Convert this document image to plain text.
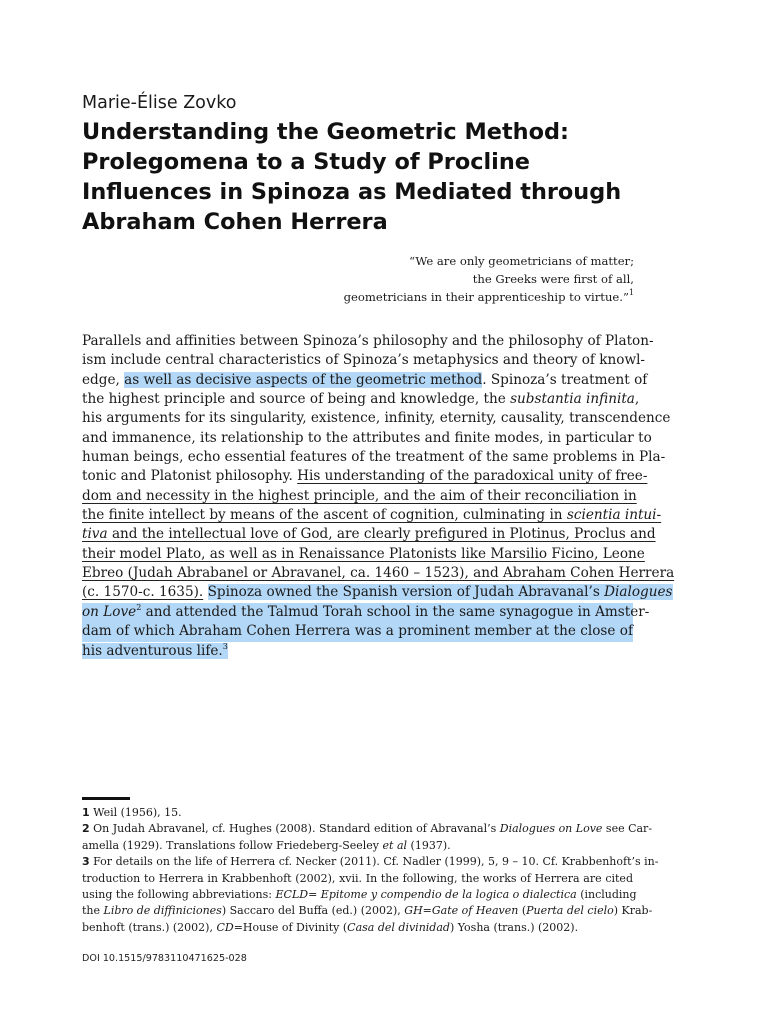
Marie-Élise Zovko

Understanding the Geometric Method: Prolegomena to a Study of Procline Influences in Spinoza as Mediated through Abraham Cohen Herrera
“We are only geometricians of matter;
the Greeks were first of all,
geometricians in their apprenticeship to virtue.”$^1$
Parallels and affinities between Spinoza’s philosophy and the philosophy of Platon-
ism include central characteristics of Spinoza’s metaphysics and theory of knowl-
edge, as well as decisive aspects of the geometric method. Spinoza’s treatment of
the highest principle and source of being and knowledge, the substantia infinita,
his arguments for its singularity, existence, infinity, eternity, causality, transcendence
and immanence, its relationship to the attributes and finite modes, in particular to
human beings, echo essential features of the treatment of the same problems in Pla-
tonic and Platonist philosophy. His understanding of the paradoxical unity of free-
dom and necessity in the highest principle, and the aim of their reconciliation in
the finite intellect by means of the ascent of cognition, culminating in scientia intui-
tiva and the intellectual love of God, are clearly prefigured in Plotinus, Proclus and
their model Plato, as well as in Renaissance Platonists like Marsilio Ficino, Leone
Ebreo (Judah Abrabanel or Abravanel, ca. 1460 – 1523), and Abraham Cohen Herrera
(c. 1570-c. 1635). Spinoza owned the Spanish version of Judah Abravanal’s Dialogues
on Love$^2$ and attended the Talmud Torah school in the same synagogue in Amster-
dam of which Abraham Cohen Herrera was a prominent member at the close of
his adventurous life.$^3$
1 Weil (1956), 15.
2 On Judah Abravanel, cf. Hughes (2008). Standard edition of Abravanal’s Dialogues on Love see Car-
amella (1929). Translations follow Friedeberg-Seeley et al (1937).
3 For details on the life of Herrera cf. Necker (2011). Cf. Nadler (1999), 5, 9 – 10. Cf. Krabbenhoft’s in-
troduction to Herrera in Krabbenhoft (2002), xvii. In the following, the works of Herrera are cited
using the following abbreviations: ECLD= Epitome y compendio de la logica o dialectica (including
the Libro de diffiniciones) Saccaro del Buffa (ed.) (2002), GH=Gate of Heaven (Puerta del cielo) Krab-
benhoft (trans.) (2002), CD=House of Divinity (Casa del divinidad) Yosha (trans.) (2002).
DOI 10.1515/9783110471625-028
